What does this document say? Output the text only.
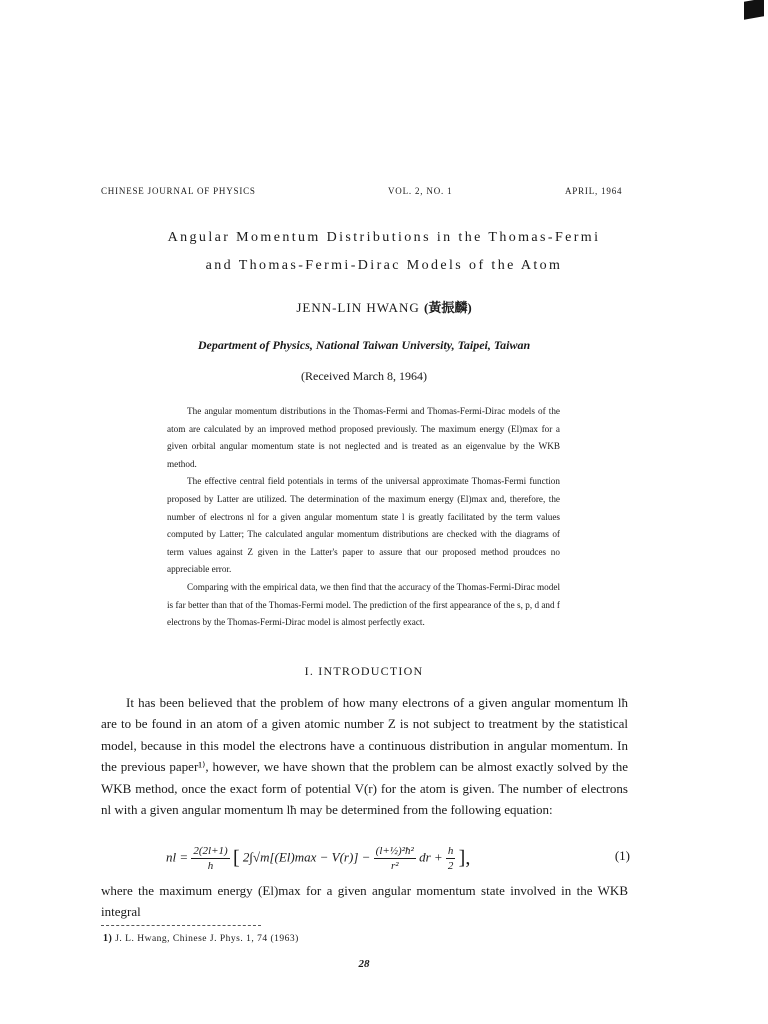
CHINESE JOURNAL OF PHYSICS	VOL. 2, NO. 1	APRIL, 1964
Angular Momentum Distributions in the Thomas-Fermi
and Thomas-Fermi-Dirac Models of the Atom
JENN-LIN HWANG (黃振麟)
Department of Physics, National Taiwan University, Taipei, Taiwan
(Received March 8, 1964)

The angular momentum distributions in the Thomas-Fermi and Thomas-Fermi-Dirac models of the atom are calculated by an improved method proposed previously. The maximum energy (El)max for a given orbital angular momentum state is not neglected and is treated as an eigenvalue by the WKB method.

The effective central field potentials in terms of the universal approximate Thomas-Fermi function proposed by Latter are utilized. The determination of the maximum energy (El)max and, therefore, the number of electrons nl for a given angular momentum state l is greatly facilitated by the term values computed by Latter; The calculated angular momentum distributions are checked with the diagrams of term values against Z given in the Latter's paper to assure that our proposed method proudces no appreciable error.

Comparing with the empirical data, we then find that the accuracy of the Thomas-Fermi-Dirac model is far better than that of the Thomas-Fermi model. The prediction of the first appearance of the s, p, d and f electrons by the Thomas-Fermi-Dirac model is almost perfectly exact.

I. INTRODUCTION

It has been believed that the problem of how many electrons of a given angular momentum lħ are to be found in an atom of a given atomic number Z is not subject to treatment by the statistical model, because in this model the electrons have a continuous distribution in angular momentum. In the previous paper¹⁾, however, we have shown that the problem can be almost exactly solved by the WKB method, once the exact form of potential V(r) for the atom is given. The number of electrons nl with a given angular momentum lħ may be determined from the following equation:

nl = $\frac{2(2l+1)}{h}$ [ $2\int√m[(El)\max - V(r)] - \frac{\text{(l+½)²ħ²}}{\text{r²}}$ dr + $\frac{h}{2}$ ],	(1)

where the maximum energy (El)max for a given angular momentum state involved in the WKB integral

1) J. L. Hwang, Chinese J. Phys. 1, 74 (1963)
28
